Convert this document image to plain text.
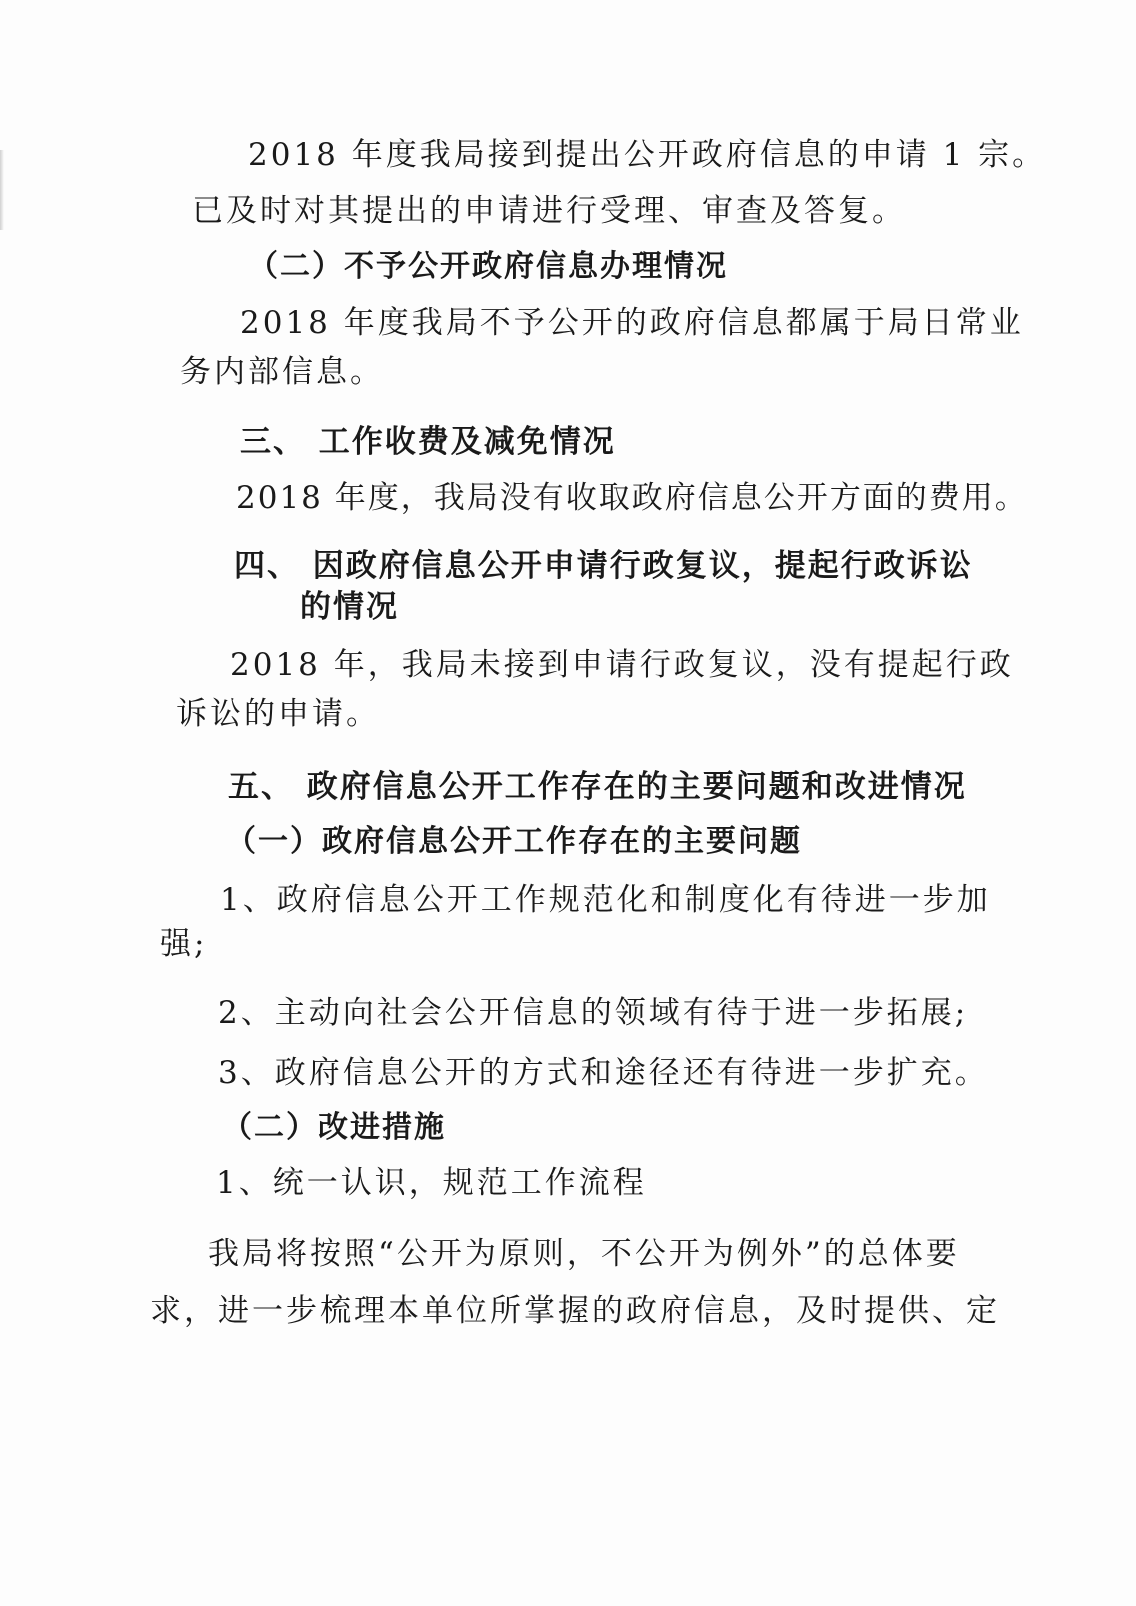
2018 年度我局接到提出公开政府信息的申请 1 宗。
已及时对其提出的申请进行受理、审查及答复。
（二）不予公开政府信息办理情况
2018 年度我局不予公开的政府信息都属于局日常业
务内部信息。
三、 工作收费及减免情况
2018 年度，我局没有收取政府信息公开方面的费用。
四、 因政府信息公开申请行政复议，提起行政诉讼
的情况
2018 年，我局未接到申请行政复议，没有提起行政
诉讼的申请。
五、 政府信息公开工作存在的主要问题和改进情况
（一）政府信息公开工作存在的主要问题
1、政府信息公开工作规范化和制度化有待进一步加
强;
2、主动向社会公开信息的领域有待于进一步拓展;
3、政府信息公开的方式和途径还有待进一步扩充。
（二）改进措施
1、统一认识，规范工作流程
我局将按照“公开为原则，不公开为例外”的总体要
求，进一步梳理本单位所掌握的政府信息，及时提供、定
